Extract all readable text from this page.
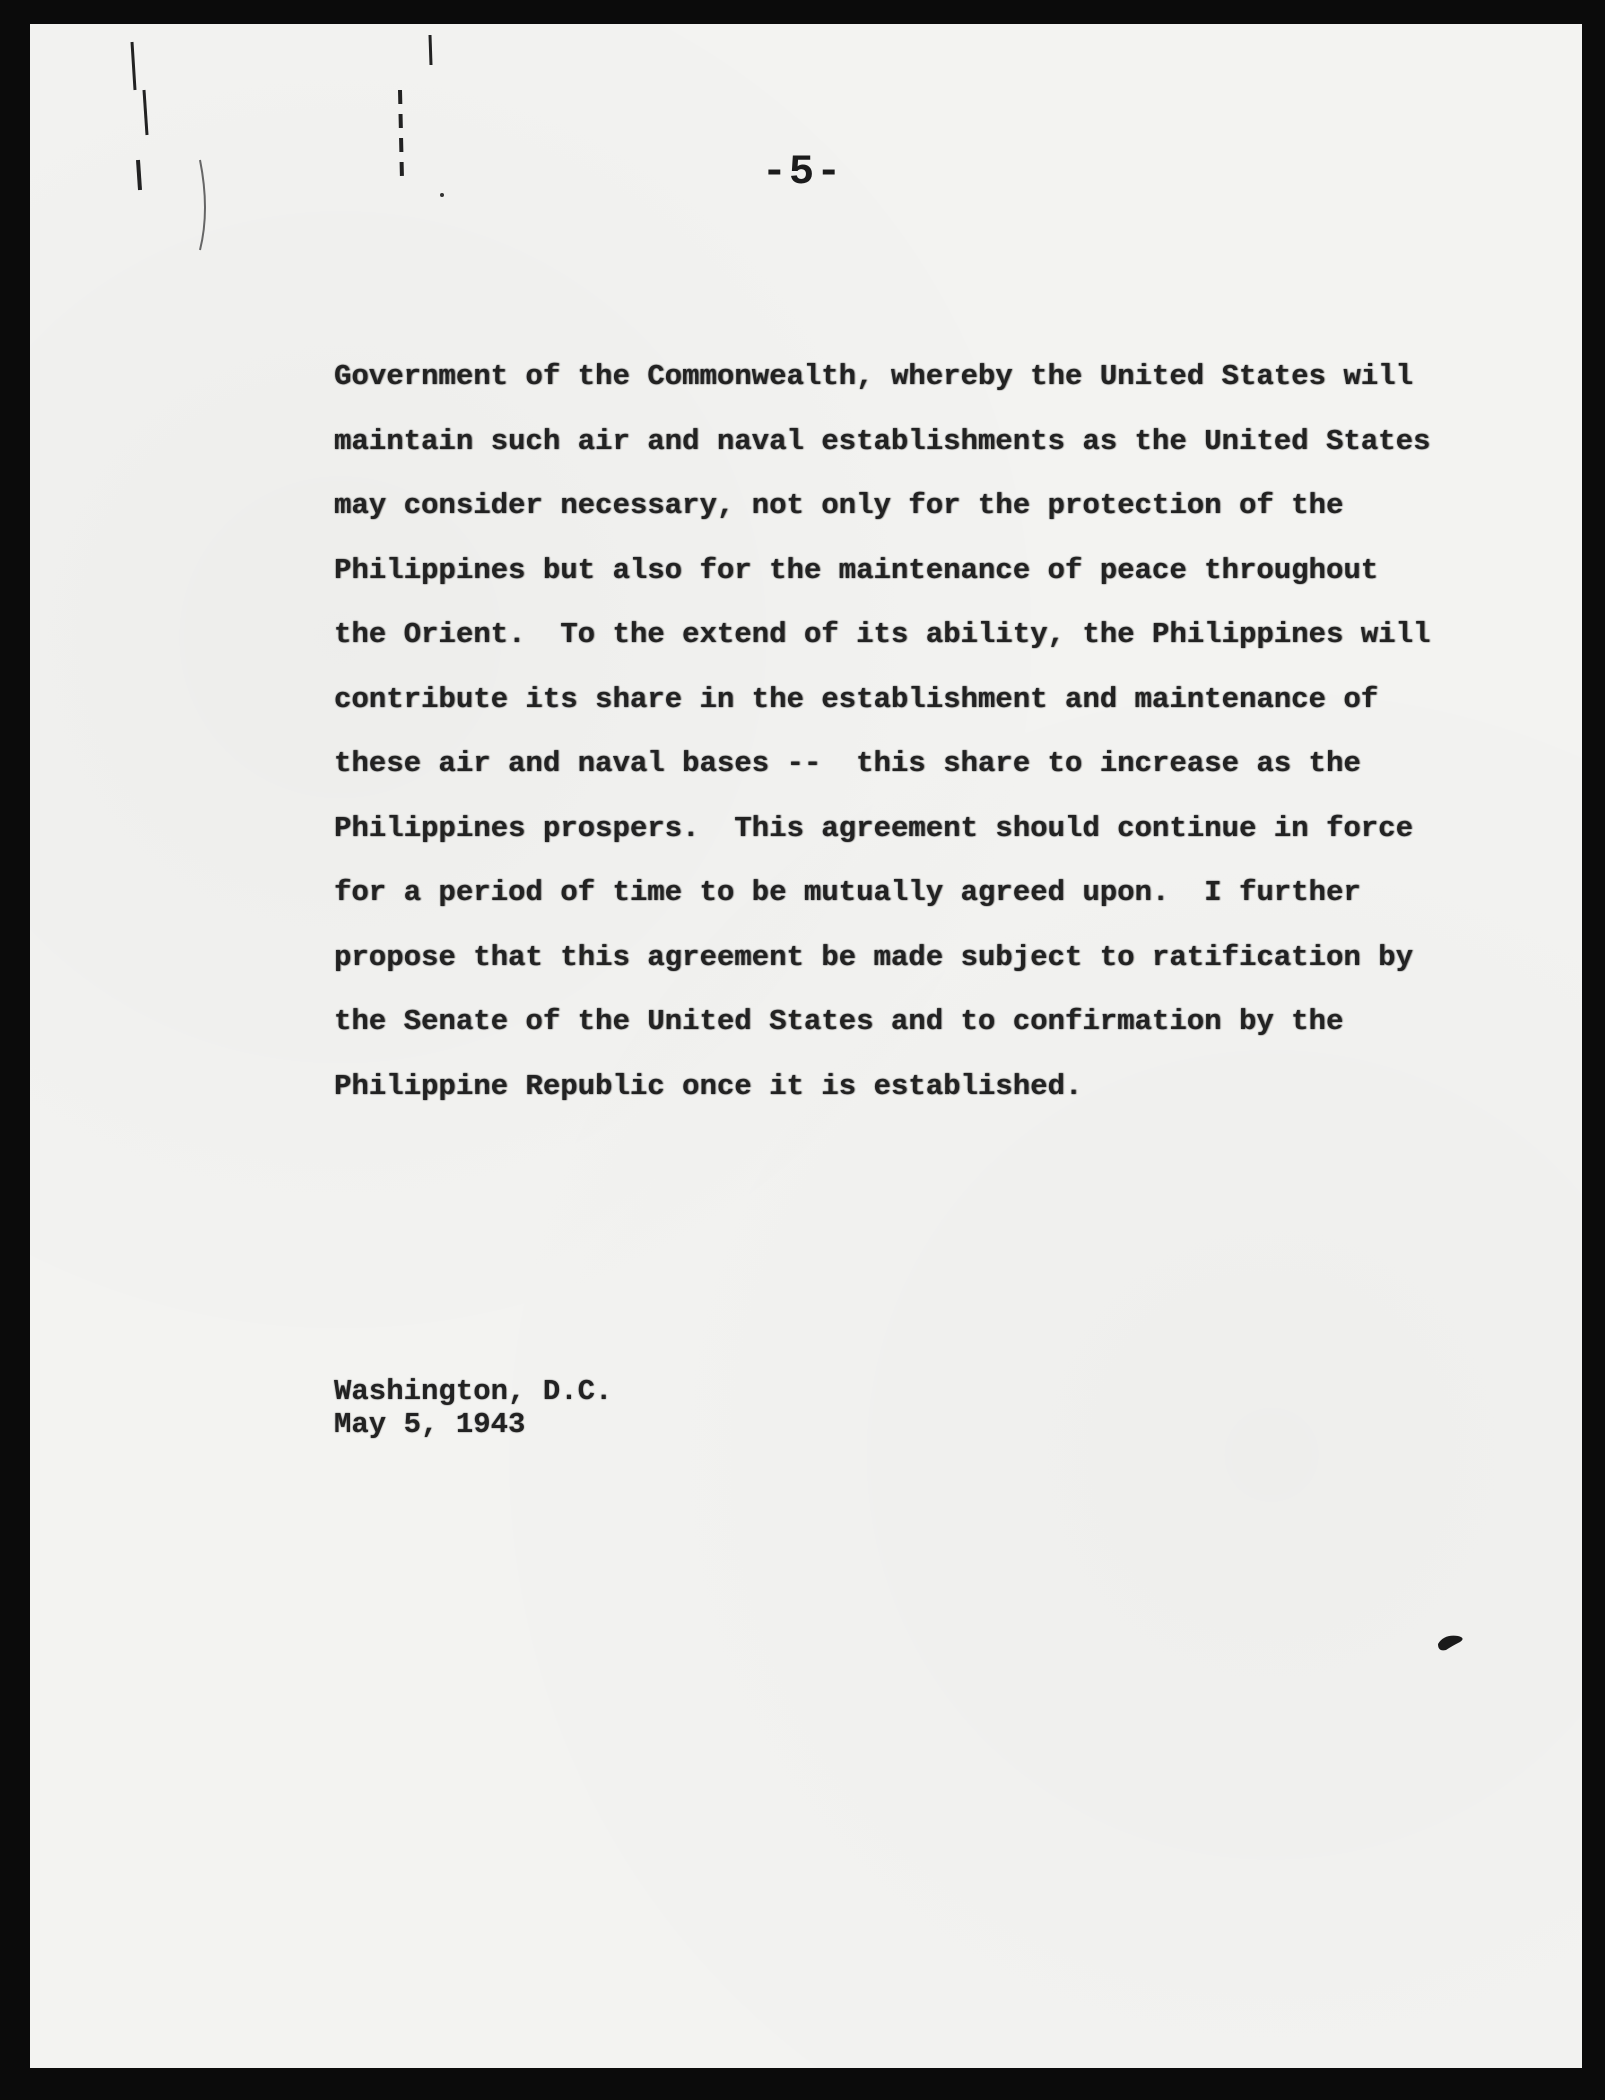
-5-
Government of the Commonwealth, whereby the United States will
maintain such air and naval establishments as the United States
may consider necessary, not only for the protection of the
Philippines but also for the maintenance of peace throughout
the Orient.  To the extend of its ability, the Philippines will
contribute its share in the establishment and maintenance of
these air and naval bases --  this share to increase as the
Philippines prospers.  This agreement should continue in force
for a period of time to be mutually agreed upon.  I further
propose that this agreement be made subject to ratification by
the Senate of the United States and to confirmation by the
Philippine Republic once it is established.
Washington, D.C.
May 5, 1943
